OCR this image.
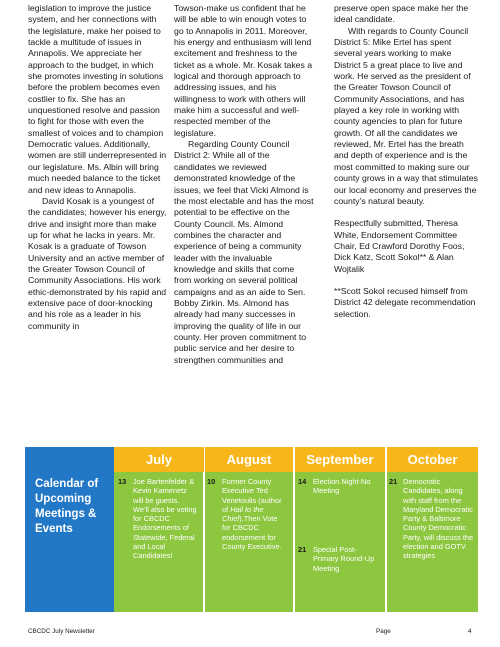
legislation to improve the justice system, and her connections with the legislature, make her poised to tackle a multitude of issues in Annapolis. We appreciate her approach to the budget, in which she promotes investing in solutions before the problem becomes even costlier to fix. She has an unquestioned resolve and passion to fight for those with even the smallest of voices and to champion Democratic values. Additionally, women are still underrepresented in our legislature. Ms. Albin will bring much needed balance to the ticket and new ideas to Annapolis.

David Kosak is a youngest of the candidates; however his energy, drive and insight more than make up for what he lacks in years. Mr. Kosak is a graduate of Towson University and an active member of the Greater Towson Council of Community Associations. His work ethic-demonstrated by his rapid and extensive pace of door-knocking and his role as a leader in his community in

Towson-make us confident that he will be able to win enough votes to go to Annapolis in 2011. Moreover, his energy and enthusiasm will lend excitement and freshness to the ticket as a whole. Mr. Kosak takes a logical and thorough approach to addressing issues, and his willingness to work with others will make him a successful and well-respected member of the legislature.

Regarding County Council District 2: While all of the candidates we reviewed demonstrated knowledge of the issues, we feel that Vicki Almond is the most electable and has the most potential to be effective on the County Council. Ms. Almond combines the character and experience of being a community leader with the invaluable knowledge and skills that come from working on several political campaigns and as an aide to Sen. Bobby Zirkin. Ms. Almond has already had many successes in improving the quality of life in our county. Her proven commitment to public service and her desire to strengthen communities and

preserve open space make her the ideal candidate.

With regards to County Council District 5: Mike Ertel has spent several years working to make District 5 a great place to live and work. He served as the president of the Greater Towson Council of Community Associations, and has played a key role in working with county agencies to plan for future growth. Of all the candidates we reviewed, Mr. Ertel has the breath and depth of experience and is the most committed to making sure our county grows in a way that stimulates our local economy and preserves the county’s natural beauty.

Respectfully submitted, Theresa White, Endorsement Committee Chair, Ed Crawford Dorothy Foos, Dick Katz, Scott Sokol** & Alan Wojtalik

**Scott Sokol recused himself from District 42 delegate recommendation selection.

Calendar of Upcoming Meetings & Events
July	August	September	October
13 Joe Bartenfelder & Kevin Kamenetz will be guests. We’ll also be voting for CBCDC Endorsements of Statewide, Federal and Local Candidates!
10 Former County Executive Ted Venetoulis (author of Hail to the Chief).Then Vote for CBCDC endorsement for County Executive.
14 Election Night-No Meeting
21 Special Post-Primary Round-Up Meeting
21 Democratic Candidates, along with staff from the Maryland Democratic Party & Baltimore County Democratic Party, will discuss the election and GOTV strategies
CBCDC July Newsletter	Page	4
